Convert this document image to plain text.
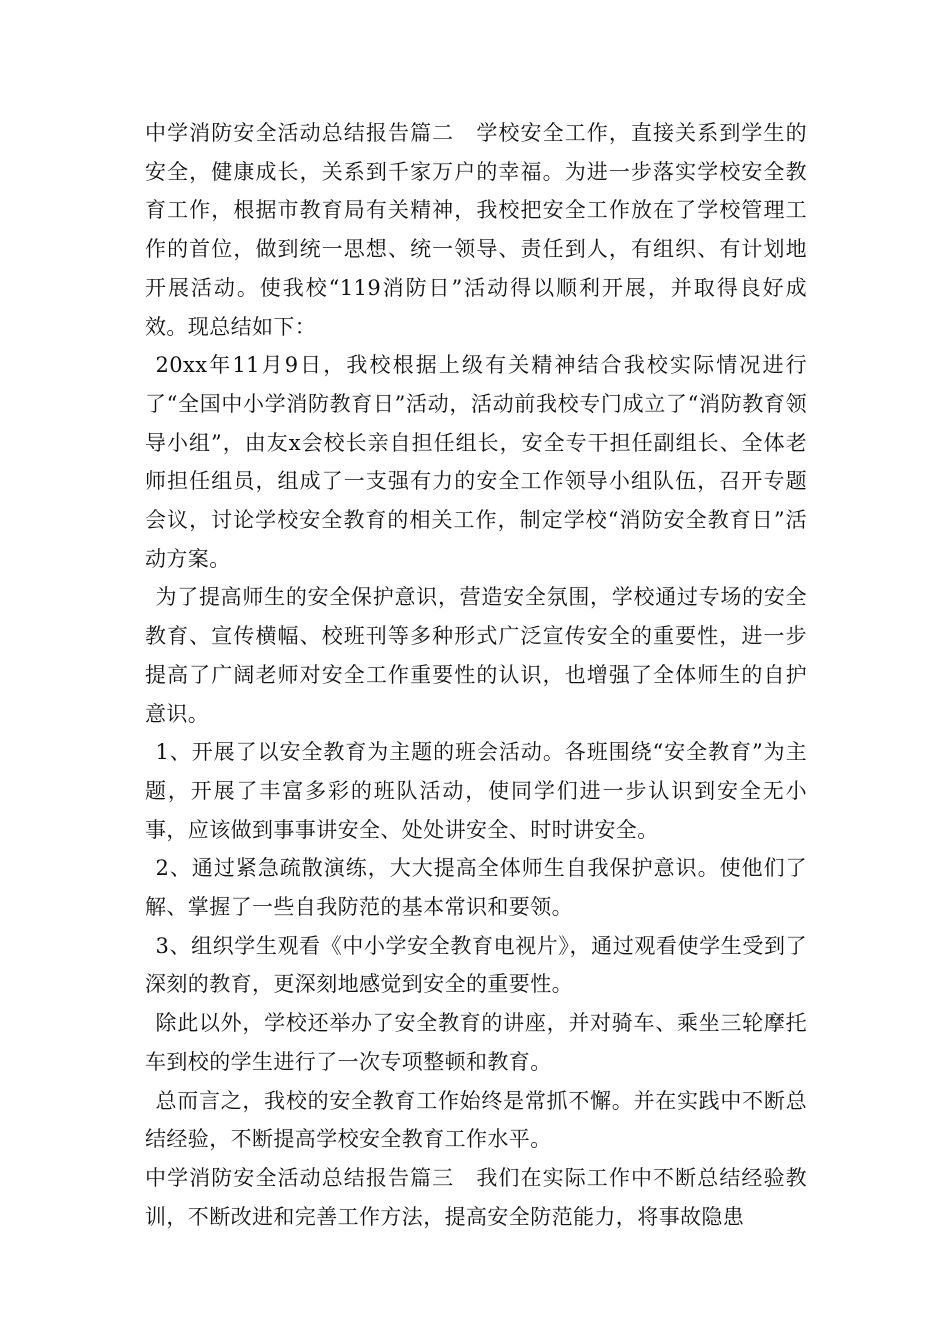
中学消防安全活动总结报告篇二　学校安全工作，直接关系到学生的安全，健康成长，关系到千家万户的幸福。为进一步落实学校安全教育工作，根据市教育局有关精神，我校把安全工作放在了学校管理工作的首位，做到统一思想、统一领导、责任到人，有组织、有计划地开展活动。使我校“119消防日”活动得以顺利开展，并取得良好成效。现总结如下：

20xx年11月9日，我校根据上级有关精神结合我校实际情况进行了“全国中小学消防教育日”活动，活动前我校专门成立了“消防教育领导小组”，由友x会校长亲自担任组长，安全专干担任副组长、全体老师担任组员，组成了一支强有力的安全工作领导小组队伍，召开专题会议，讨论学校安全教育的相关工作，制定学校“消防安全教育日”活动方案。

为了提高师生的安全保护意识，营造安全氛围，学校通过专场的安全教育、宣传横幅、校班刊等多种形式广泛宣传安全的重要性，进一步提高了广阔老师对安全工作重要性的认识，也增强了全体师生的自护意识。

1、开展了以安全教育为主题的班会活动。各班围绕“安全教育”为主题，开展了丰富多彩的班队活动，使同学们进一步认识到安全无小事，应该做到事事讲安全、处处讲安全、时时讲安全。

2、通过紧急疏散演练，大大提高全体师生自我保护意识。使他们了解、掌握了一些自我防范的基本常识和要领。

3、组织学生观看《中小学安全教育电视片》，通过观看使学生受到了深刻的教育，更深刻地感觉到安全的重要性。

除此以外，学校还举办了安全教育的讲座，并对骑车、乘坐三轮摩托车到校的学生进行了一次专项整顿和教育。

总而言之，我校的安全教育工作始终是常抓不懈。并在实践中不断总结经验，不断提高学校安全教育工作水平。

中学消防安全活动总结报告篇三　我们在实际工作中不断总结经验教训，不断改进和完善工作方法，提高安全防范能力，将事故隐患
